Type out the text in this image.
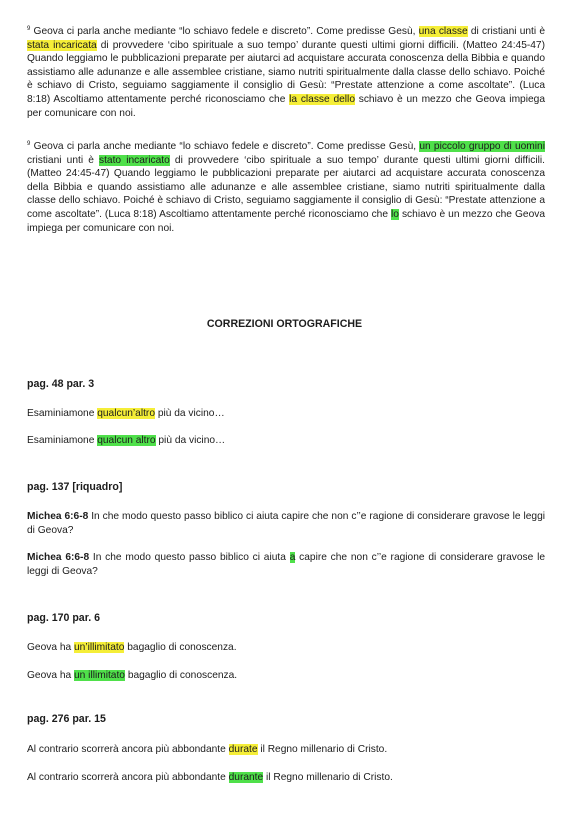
$^9$ Geova ci parla anche mediante “lo schiavo fedele e discreto”. Come predisse Gesù, una classe di cristiani unti è stata incaricata di provvedere ‘cibo spirituale a suo tempo’ durante questi ultimi giorni difficili. (Matteo 24:45-47) Quando leggiamo le pubblicazioni preparate per aiutarci ad acquistare accurata conoscenza della Bibbia e quando assistiamo alle adunanze e alle assemblee cristiane, siamo nutriti spiritualmente dalla classe dello schiavo. Poiché è schiavo di Cristo, seguiamo saggiamente il consiglio di Gesù: “Prestate attenzione a come ascoltate”. (Luca 8:18) Ascoltiamo attentamente perché riconosciamo che la classe dello schiavo è un mezzo che Geova impiega per comunicare con noi.

$^9$ Geova ci parla anche mediante “lo schiavo fedele e discreto”. Come predisse Gesù, un piccolo gruppo di uomini cristiani unti è stato incaricato di provvedere ‘cibo spirituale a suo tempo’ durante questi ultimi giorni difficili. (Matteo 24:45-47) Quando leggiamo le pubblicazioni preparate per aiutarci ad acquistare accurata conoscenza della Bibbia e quando assistiamo alle adunanze e alle assemblee cristiane, siamo nutriti spiritualmente dalla classe dello schiavo. Poiché è schiavo di Cristo, seguiamo saggiamente il consiglio di Gesù: “Prestate attenzione a come ascoltate”. (Luca 8:18) Ascoltiamo attentamente perché riconosciamo che lo schiavo è un mezzo che Geova impiega per comunicare con noi.

CORREZIONI ORTOGRAFICHE
pag. 48 par. 3

Esaminiamone qualcun’altro più da vicino…

Esaminiamone qualcun altro più da vicino…

pag. 137 [riquadro]

Michea 6:6-8 In che modo questo passo biblico ci aiuta capire che non c’’e ragione di considerare gravose le leggi di Geova?

Michea 6:6-8 In che modo questo passo biblico ci aiuta a capire che non c’’e ragione di considerare gravose le leggi di Geova?

pag. 170 par. 6

Geova ha un’illimitato bagaglio di conoscenza.

Geova ha un illimitato bagaglio di conoscenza.

pag. 276 par. 15

Al contrario scorrerà ancora più abbondante durate il Regno millenario di Cristo.

Al contrario scorrerà ancora più abbondante durante il Regno millenario di Cristo.
